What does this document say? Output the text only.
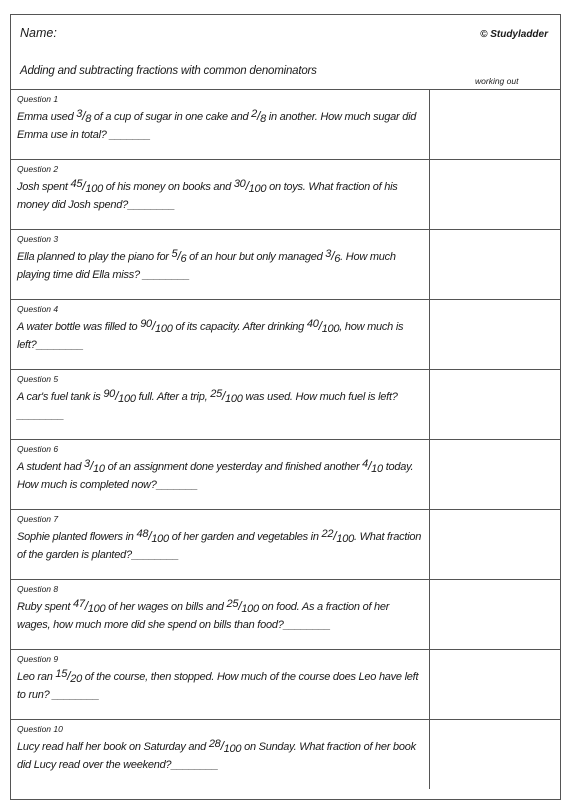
Name:	© Studyladder
Adding and subtracting fractions with common denominators
working out
Question 1
Emma used $^3/_8$ of a cup of sugar in one cake and $^2/_8$ in another. How much sugar did Emma use in total? _______
Question 2
Josh spent $^{45}/_{100}$ of his money on books and $^{30}/_{100}$ on toys. What fraction of his money did Josh spend?________
Question 3
Ella planned to play the piano for $^5/_6$ of an hour but only managed $^3/_6$. How much playing time did Ella miss? ________
Question 4
A water bottle was filled to $^{90}/_{100}$ of its capacity. After drinking $^{40}/_{100}$, how much is left?________
Question 5
A car's fuel tank is $^{90}/_{100}$ full. After a trip, $^{25}/_{100}$ was used. How much fuel is left?________
Question 6
A student had $^3/_{10}$ of an assignment done yesterday and finished another $^4/_{10}$ today. How much is completed now?_______
Question 7
Sophie planted flowers in $^{48}/_{100}$ of her garden and vegetables in $^{22}/_{100}$. What fraction of the garden is planted?________
Question 8
Ruby spent $^{47}/_{100}$ of her wages on bills and $^{25}/_{100}$ on food. As a fraction of her wages, how much more did she spend on bills than food?________
Question 9
Leo ran $^{15}/_{20}$ of the course, then stopped. How much of the course does Leo have left to run? ________
Question 10
Lucy read half her book on Saturday and $^{28}/_{100}$ on Sunday. What fraction of her book did Lucy read over the weekend?________
